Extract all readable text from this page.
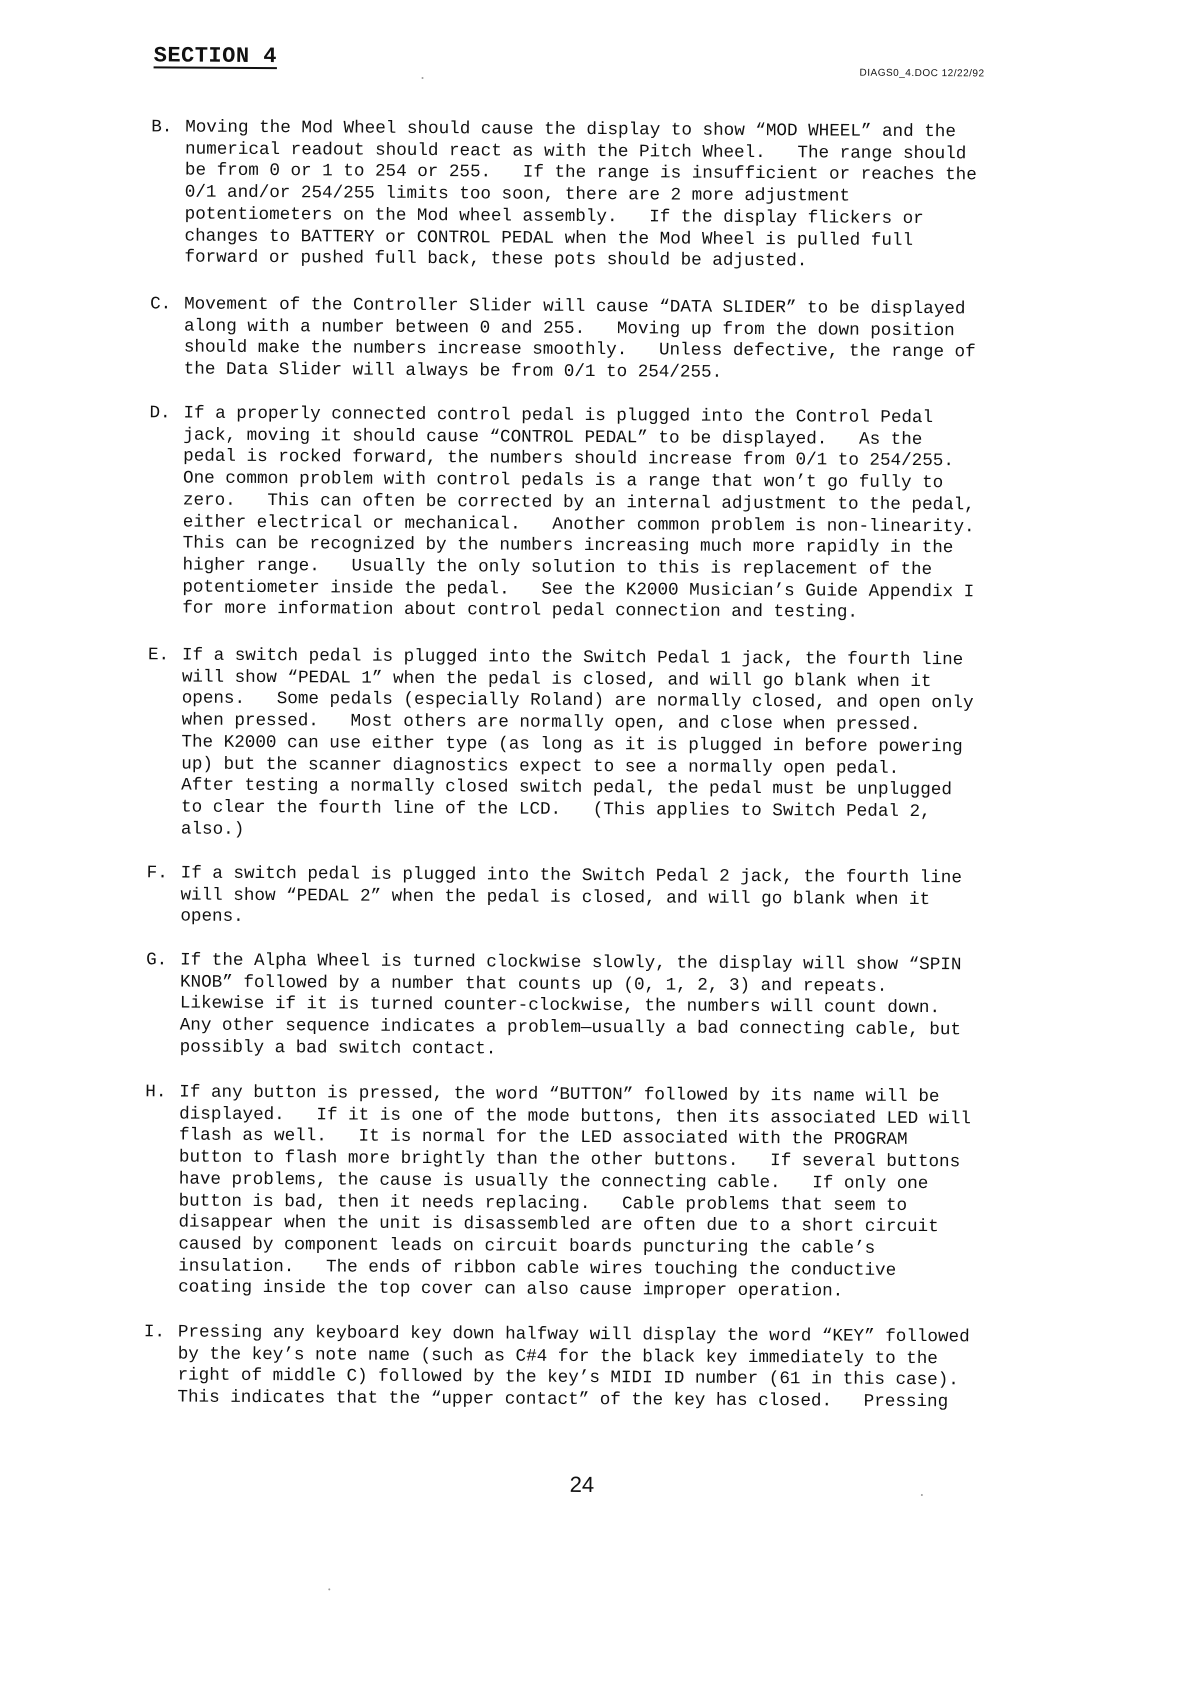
SECTION 4
DIAGS0_4.DOC 12/22/92
B. Moving the Mod Wheel should cause the display to show “MOD WHEEL” and the
numerical readout should react as with the Pitch Wheel.   The range should
be from 0 or 1 to 254 or 255.   If the range is insufficient or reaches the
0/1 and/or 254/255 limits too soon, there are 2 more adjustment
potentiometers on the Mod wheel assembly.   If the display flickers or
changes to BATTERY or CONTROL PEDAL when the Mod Wheel is pulled full
forward or pushed full back, these pots should be adjusted.
C. Movement of the Controller Slider will cause “DATA SLIDER” to be displayed
along with a number between 0 and 255.   Moving up from the down position
should make the numbers increase smoothly.   Unless defective, the range of
the Data Slider will always be from 0/1 to 254/255.
D. If a properly connected control pedal is plugged into the Control Pedal
jack, moving it should cause “CONTROL PEDAL” to be displayed.   As the
pedal is rocked forward, the numbers should increase from 0/1 to 254/255.
One common problem with control pedals is a range that won’t go fully to
zero.   This can often be corrected by an internal adjustment to the pedal,
either electrical or mechanical.   Another common problem is non-linearity.
This can be recognized by the numbers increasing much more rapidly in the
higher range.   Usually the only solution to this is replacement of the
potentiometer inside the pedal.   See the K2000 Musician’s Guide Appendix I
for more information about control pedal connection and testing.
E. If a switch pedal is plugged into the Switch Pedal 1 jack, the fourth line
will show “PEDAL 1” when the pedal is closed, and will go blank when it
opens.   Some pedals (especially Roland) are normally closed, and open only
when pressed.   Most others are normally open, and close when pressed.
The K2000 can use either type (as long as it is plugged in before powering
up) but the scanner diagnostics expect to see a normally open pedal.
After testing a normally closed switch pedal, the pedal must be unplugged
to clear the fourth line of the LCD.   (This applies to Switch Pedal 2,
also.)
F. If a switch pedal is plugged into the Switch Pedal 2 jack, the fourth line
will show “PEDAL 2” when the pedal is closed, and will go blank when it
opens.
G. If the Alpha Wheel is turned clockwise slowly, the display will show “SPIN
KNOB” followed by a number that counts up (0, 1, 2, 3) and repeats.
Likewise if it is turned counter-clockwise, the numbers will count down.
Any other sequence indicates a problem—usually a bad connecting cable, but
possibly a bad switch contact.
H. If any button is pressed, the word “BUTTON” followed by its name will be
displayed.   If it is one of the mode buttons, then its associated LED will
flash as well.   It is normal for the LED associated with the PROGRAM
button to flash more brightly than the other buttons.   If several buttons
have problems, the cause is usually the connecting cable.   If only one
button is bad, then it needs replacing.   Cable problems that seem to
disappear when the unit is disassembled are often due to a short circuit
caused by component leads on circuit boards puncturing the cable’s
insulation.   The ends of ribbon cable wires touching the conductive
coating inside the top cover can also cause improper operation.
I. Pressing any keyboard key down halfway will display the word “KEY” followed
by the key’s note name (such as C#4 for the black key immediately to the
right of middle C) followed by the key’s MIDI ID number (61 in this case).
This indicates that the “upper contact” of the key has closed.   Pressing
24
